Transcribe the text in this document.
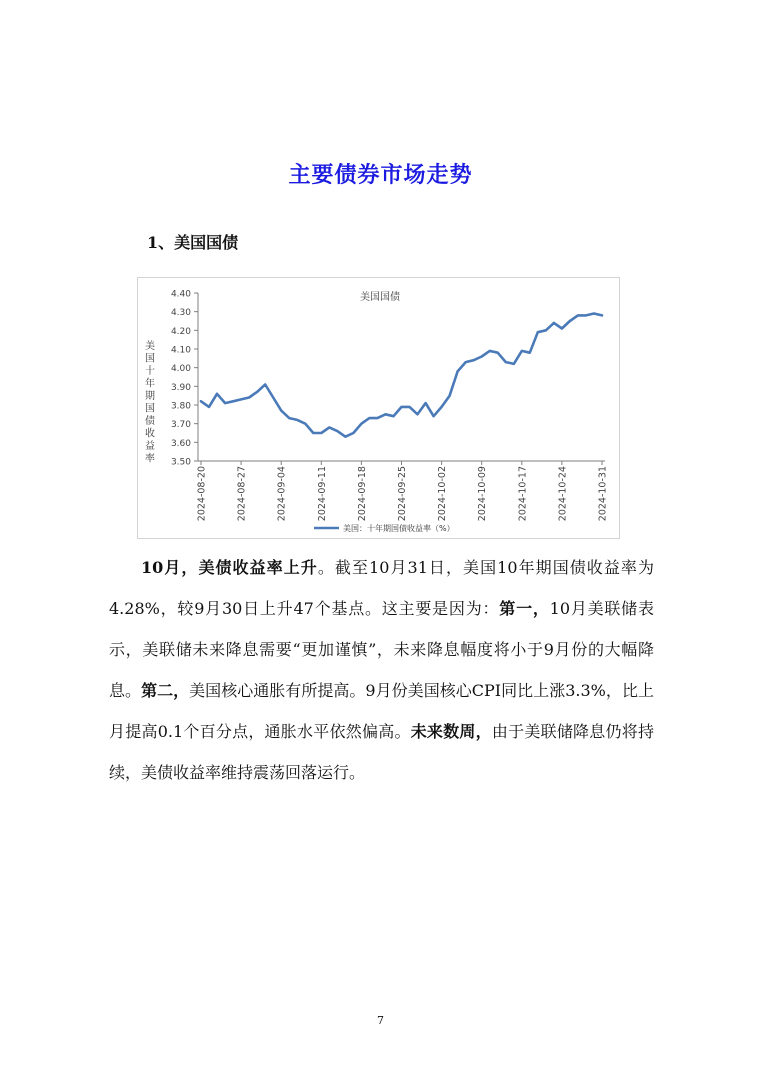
主要债券市场走势
1、美国国债
3.50
3.60
3.70
3.80
3.90
4.00
4.10
4.20
4.30
4.40
美
国
十
年
期
国
债
收
益
率
2024-08-20	2024-08-27	2024-09-04	2024-09-11	2024-09-18	2024-09-25	2024-10-02	2024-10-09	2024-10-17	2024-10-24	2024-10-31
美国国债
美国：十年期国债收益率（%）

10月，美债收益率上升。截至10月31日，美国10年期国债收益率为4.28%，较9月30日上升47个基点。这主要是因为：第一，10月美联储表示，美联储未来降息需要“更加谨慎”，未来降息幅度将小于9月份的大幅降息。第二，美国核心通胀有所提高。9月份美国核心CPI同比上涨3.3%，比上月提高0.1个百分点，通胀水平依然偏高。未来数周，由于美联储降息仍将持续，美债收益率维持震荡回落运行。

7
